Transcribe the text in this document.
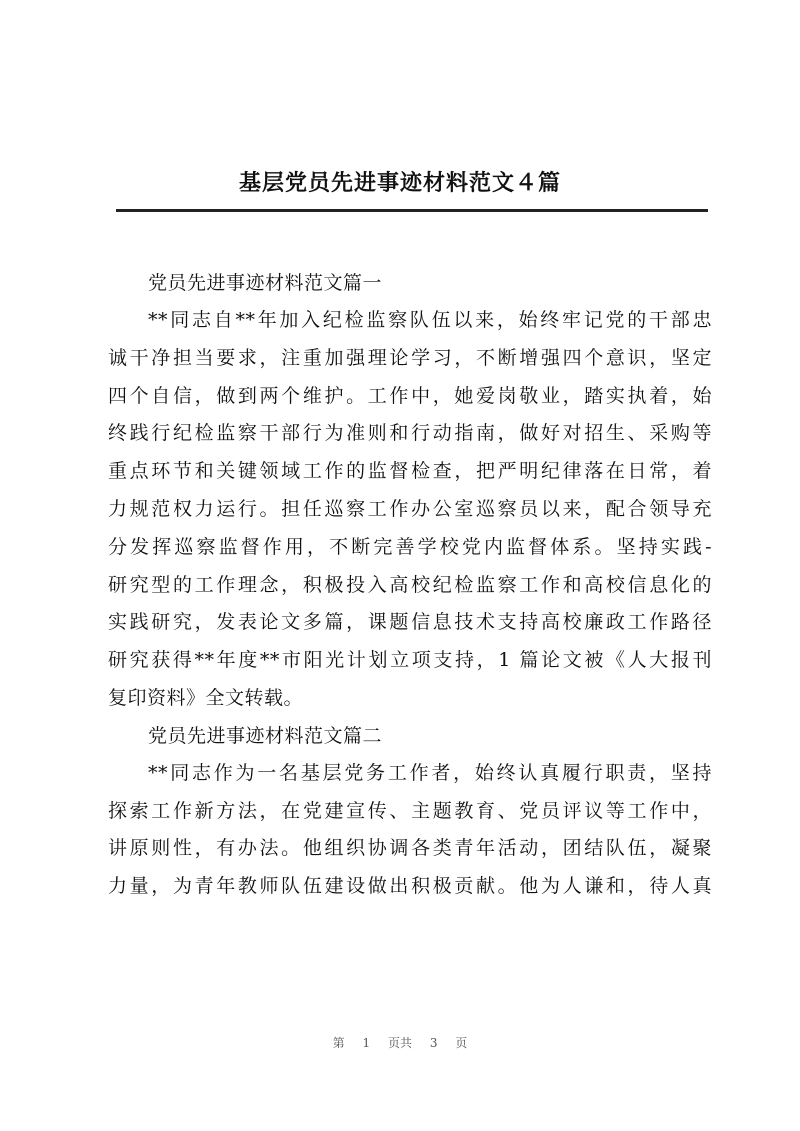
基层党员先进事迹材料范文４篇

党员先进事迹材料范文篇一

**同志自**年加入纪检监察队伍以来，始终牢记党的干部忠
诚干净担当要求，注重加强理论学习，不断增强四个意识，坚定
四个自信，做到两个维护。工作中，她爱岗敬业，踏实执着，始
终践行纪检监察干部行为准则和行动指南，做好对招生、采购等
重点环节和关键领域工作的监督检查，把严明纪律落在日常，着
力规范权力运行。担任巡察工作办公室巡察员以来，配合领导充
分发挥巡察监督作用，不断完善学校党内监督体系。坚持实践-
研究型的工作理念，积极投入高校纪检监察工作和高校信息化的
实践研究，发表论文多篇，课题信息技术支持高校廉政工作路径
研究获得**年度**市阳光计划立项支持，1 篇论文被《人大报刊
复印资料》全文转载。

党员先进事迹材料范文篇二

**同志作为一名基层党务工作者，始终认真履行职责，坚持
探索工作新方法，在党建宣传、主题教育、党员评议等工作中，
讲原则性，有办法。他组织协调各类青年活动，团结队伍，凝聚
力量，为青年教师队伍建设做出积极贡献。他为人谦和，待人真

第 1 页共 3 页
